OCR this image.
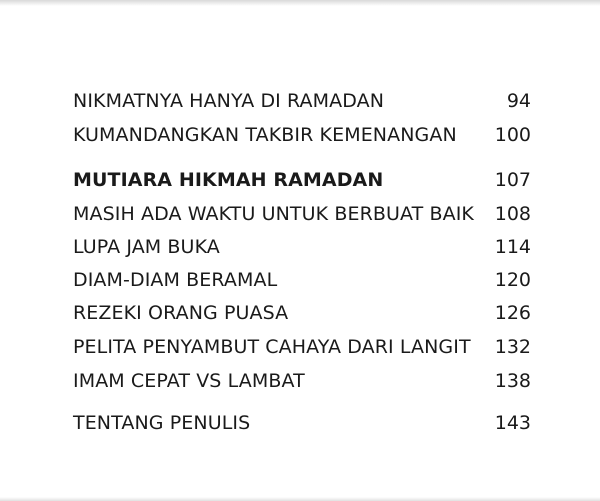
NIKMATNYA HANYA DI RAMADAN	94
KUMANDANGKAN TAKBIR KEMENANGAN 100
MUTIARA HIKMAH RAMADAN	107
MASIH ADA WAKTU UNTUK BERBUAT BAIK 108
LUPA JAM BUKA	114
DIAM-DIAM BERAMAL	120
REZEKI ORANG PUASA	126
PELITA PENYAMBUT CAHAYA DARI LANGIT 132
IMAM CEPAT VS LAMBAT	138
TENTANG PENULIS	143
